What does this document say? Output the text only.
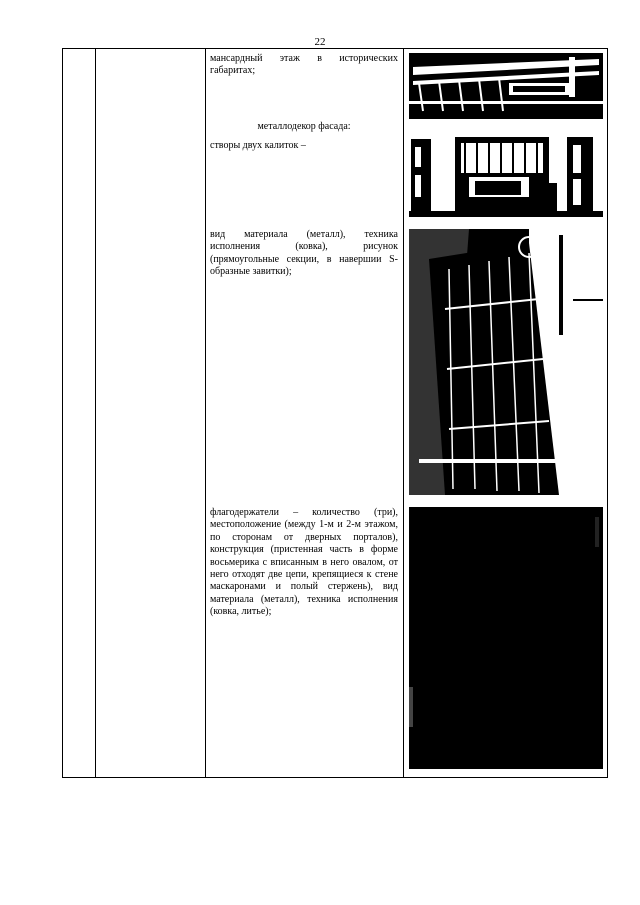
22
мансардный этаж в исторических габаритах;
металлодекор фасада:
створы двух калиток –
вид материала (металл), техника исполнения (ковка), рисунок (прямоугольные секции, в навершии S-образные завитки);
флагодержатели – количество (три), местоположение (между 1-м и 2-м этажом, по сторонам от дверных порталов), конструкция (пристенная часть в форме восьмерика с вписанным в него овалом, от него отходят две цепи, крепящиеся к стене маскаронами и полый стержень), вид материала (металл), техника исполнения (ковка, литье);
